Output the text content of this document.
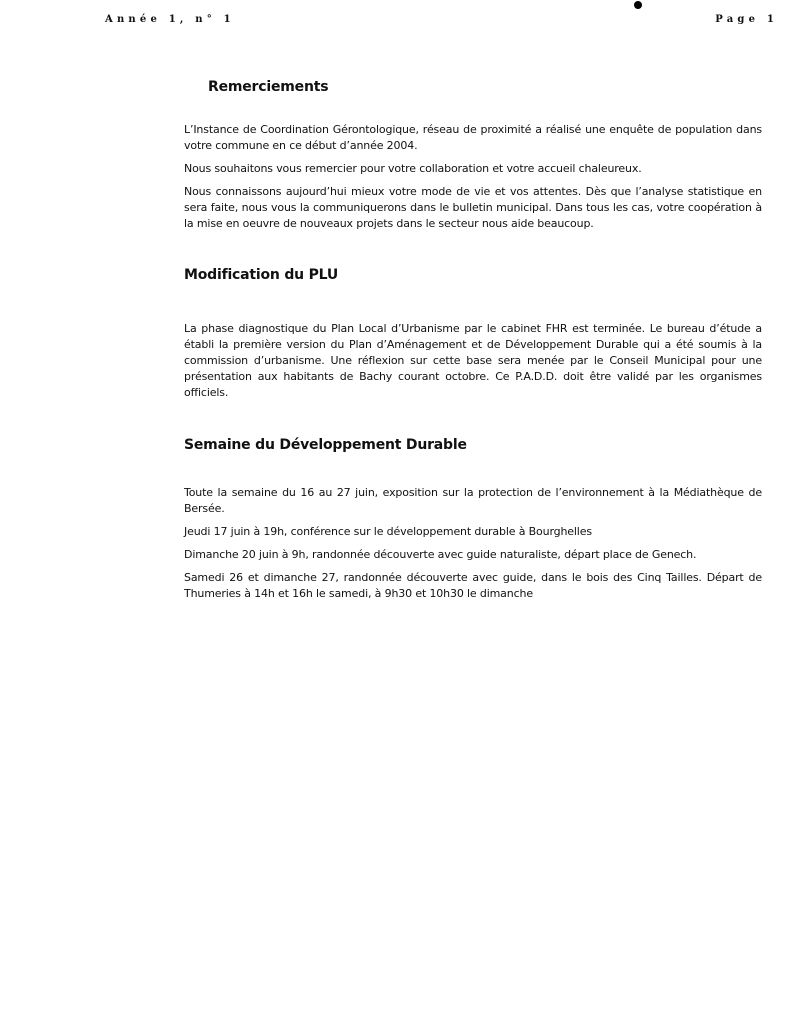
Année 1, n° 1	Page 1
Remerciements

L’Instance de Coordination Gérontologique, réseau de proximité a réalisé une enquête de population dans votre commune en ce début d’année 2004.

Nous souhaitons vous remercier pour votre collaboration et votre accueil chaleureux.

Nous connaissons aujourd’hui mieux votre mode de vie et vos attentes. Dès que l’analyse statistique en sera faite, nous vous la communiquerons dans le bulletin municipal. Dans tous les cas, votre coopération à la mise en oeuvre de nouveaux projets dans le secteur nous aide beaucoup.

Modification du PLU

La phase diagnostique du Plan Local d’Urbanisme par le cabinet FHR est terminée. Le bureau d’étude a établi la première version du Plan d’Aménagement et de Développement Durable qui a été soumis à la commission d’urbanisme. Une réflexion sur cette base sera menée par le Conseil Municipal pour une présentation aux habitants de Bachy courant octobre. Ce P.A.D.D. doit être validé par les organismes officiels.

Semaine du Développement Durable

Toute la semaine du 16 au 27 juin, exposition sur la protection de l’environnement à la Médiathèque de Bersée.

Jeudi 17 juin à 19h, conférence sur le développement durable à Bourghelles

Dimanche 20 juin à 9h, randonnée découverte avec guide naturaliste, départ place de Genech.

Samedi 26 et dimanche 27, randonnée découverte avec guide, dans le bois des Cinq Tailles. Départ de Thumeries à 14h et 16h le samedi, à 9h30 et 10h30 le dimanche
